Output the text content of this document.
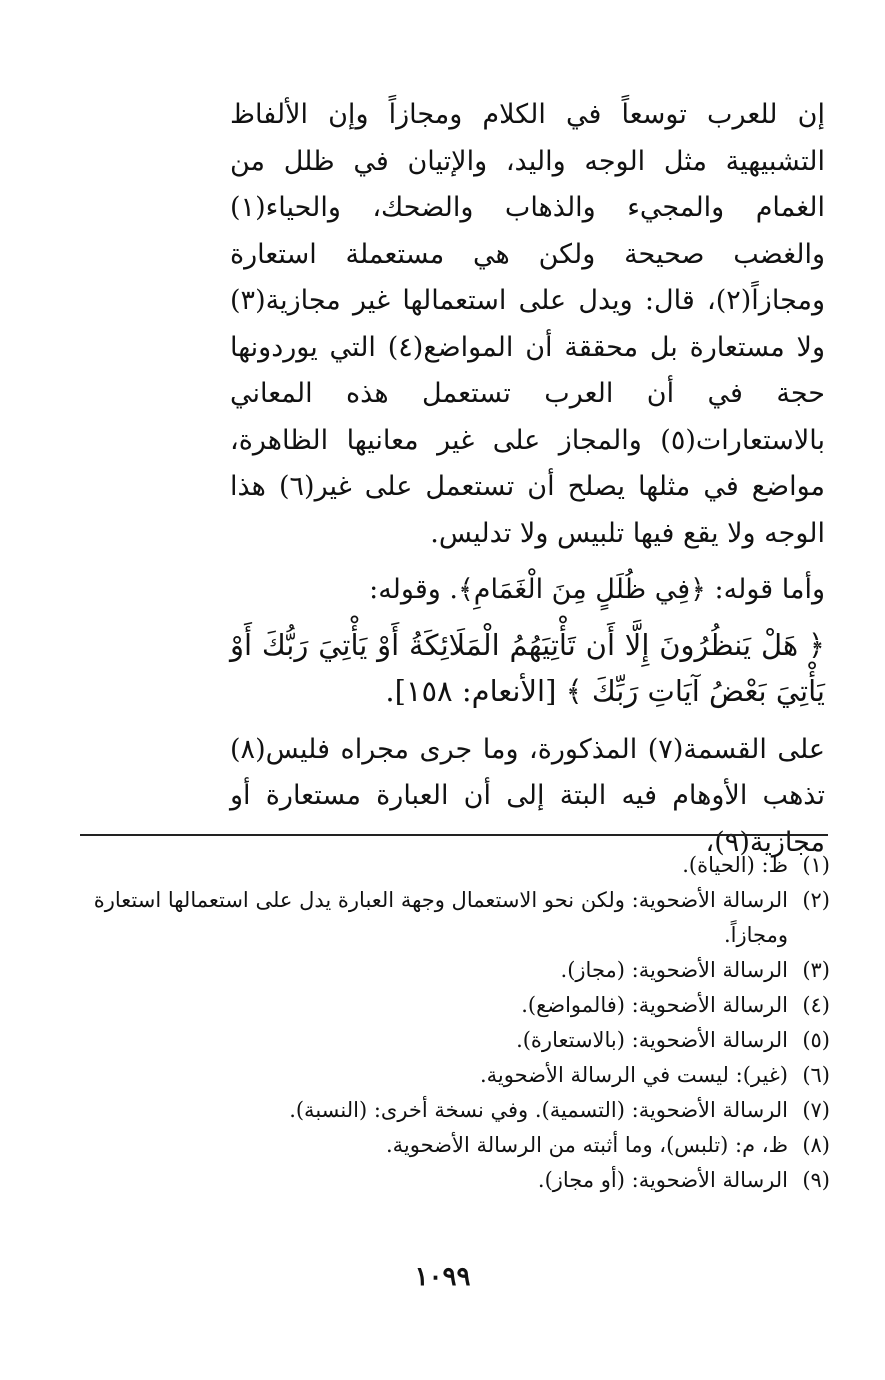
إن للعرب توسعاً في الكلام ومجازاً وإن الألفاظ التشبيهية مثل الوجه واليد، والإتيان في ظلل من الغمام والمجيء والذهاب والضحك، والحياء(١) والغضب صحيحة ولكن هي مستعملة استعارة ومجازاً(٢)، قال: ويدل على استعمالها غير مجازية(٣) ولا مستعارة بل محققة أن المواضع(٤) التي يوردونها حجة في أن العرب تستعمل هذه المعاني بالاستعارات(٥) والمجاز على غير معانيها الظاهرة، مواضع في مثلها يصلح أن تستعمل على غير(٦) هذا الوجه ولا يقع فيها تلبيس ولا تدليس.

وأما قوله: ﴿فِي ظُلَلٍ مِنَ الْغَمَامِ﴾. وقوله:

﴿ هَلْ يَنظُرُونَ إِلَّا أَن تَأْتِيَهُمُ الْمَلَائِكَةُ أَوْ يَأْتِيَ رَبُّكَ أَوْ يَأْتِيَ بَعْضُ آيَاتِ رَبِّكَ ﴾ [الأنعام: ١٥٨].

على القسمة(٧) المذكورة، وما جرى مجراه فليس(٨) تذهب الأوهام فيه البتة إلى أن العبارة مستعارة أو مجازية(٩)،

(١)
ظ: (الحياة).
(٢)
الرسالة الأضحوية: ولكن نحو الاستعمال وجهة العبارة يدل على استعمالها استعارة ومجازاً.
(٣)
الرسالة الأضحوية: (مجاز).
(٤)
الرسالة الأضحوية: (فالمواضع).
(٥)
الرسالة الأضحوية: (بالاستعارة).
(٦)
(غير): ليست في الرسالة الأضحوية.
(٧)
الرسالة الأضحوية: (التسمية). وفي نسخة أخرى: (النسبة).
(٨)
ظ، م: (تلبس)، وما أثبته من الرسالة الأضحوية.
(٩)
الرسالة الأضحوية: (أو مجاز).
١٠٩٩
